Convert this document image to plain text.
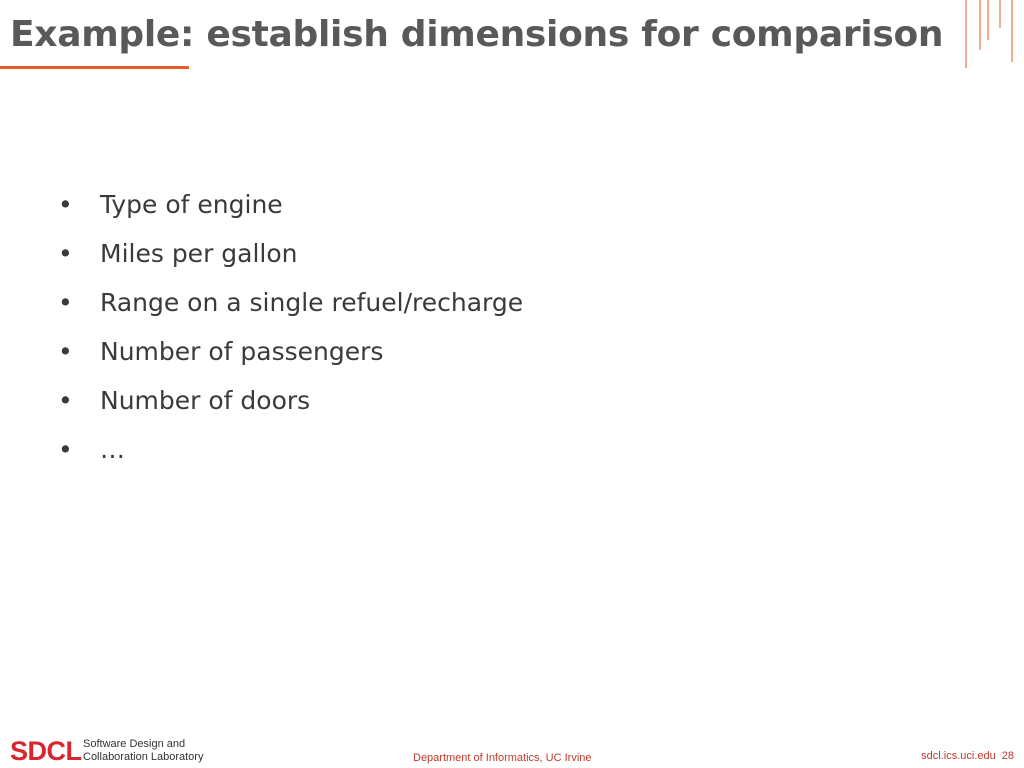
Example: establish dimensions for comparison
• Type of engine
• Miles per gallon
• Range on a single refuel/recharge
• Number of passengers
• Number of doors
• …
SDCL Software Design and
Collaboration Laboratory	Department of Informatics, UC Irvine	sdcl.ics.uci.edu 28
